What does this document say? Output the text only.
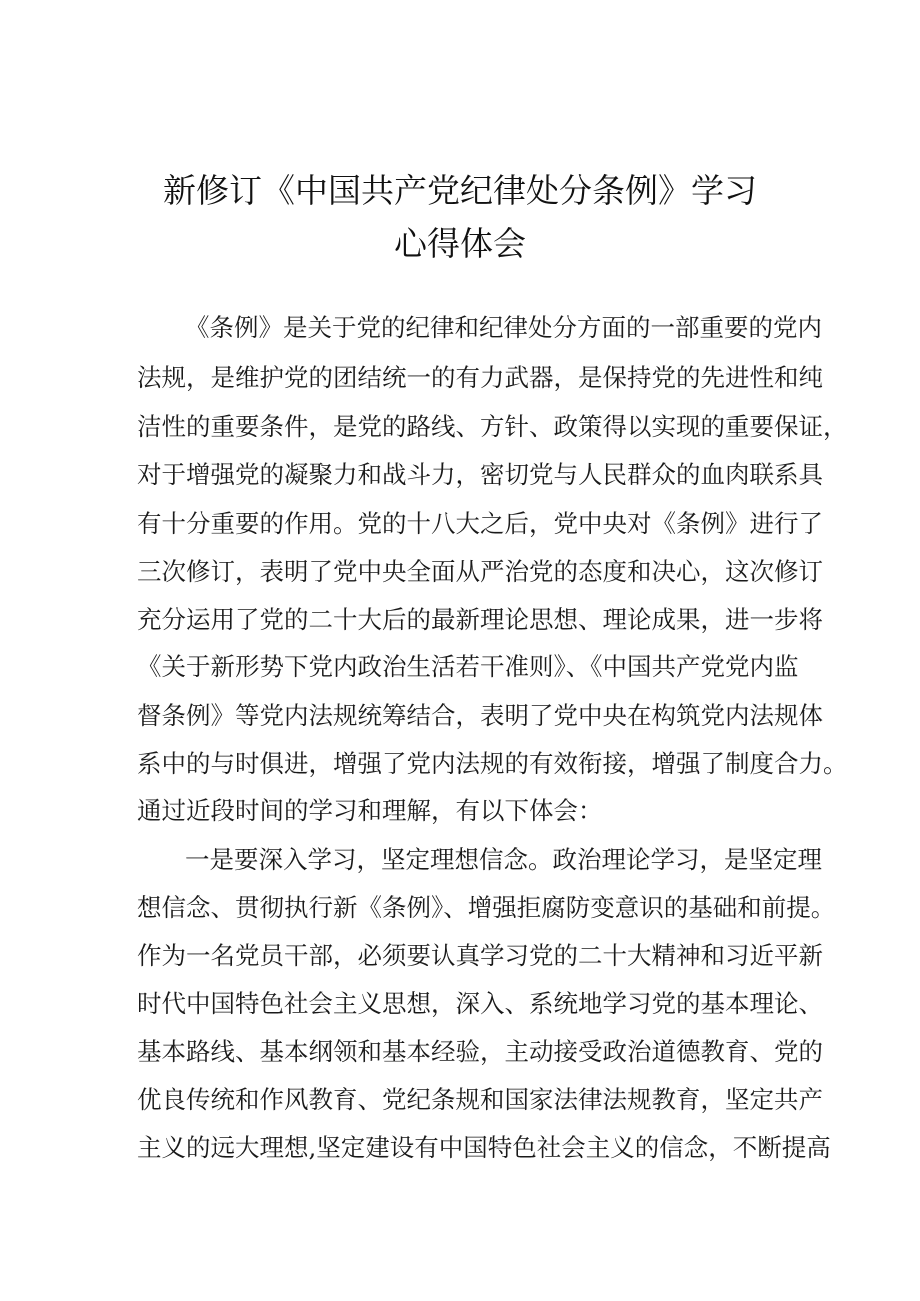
新修订《中国共产党纪律处分条例》学习
心得体会
《条例》是关于党的纪律和纪律处分方面的一部重要的党内
法规，是维护党的团结统一的有力武器，是保持党的先进性和纯
洁性的重要条件，是党的路线、方针、政策得以实现的重要保证，
对于增强党的凝聚力和战斗力，密切党与人民群众的血肉联系具
有十分重要的作用。党的十八大之后，党中央对《条例》进行了
三次修订，表明了党中央全面从严治党的态度和决心，这次修订
充分运用了党的二十大后的最新理论思想、理论成果，进一步将
《关于新形势下党内政治生活若干准则》、《中国共产党党内监
督条例》等党内法规统筹结合，表明了党中央在构筑党内法规体
系中的与时俱进，增强了党内法规的有效衔接，增强了制度合力。
通过近段时间的学习和理解，有以下体会：
一是要深入学习，坚定理想信念。政治理论学习，是坚定理
想信念、贯彻执行新《条例》、增强拒腐防变意识的基础和前提。
作为一名党员干部，必须要认真学习党的二十大精神和习近平新
时代中国特色社会主义思想，深入、系统地学习党的基本理论、
基本路线、基本纲领和基本经验，主动接受政治道德教育、党的
优良传统和作风教育、党纪条规和国家法律法规教育，坚定共产
主义的远大理想,坚定建设有中国特色社会主义的信念，不断提高
